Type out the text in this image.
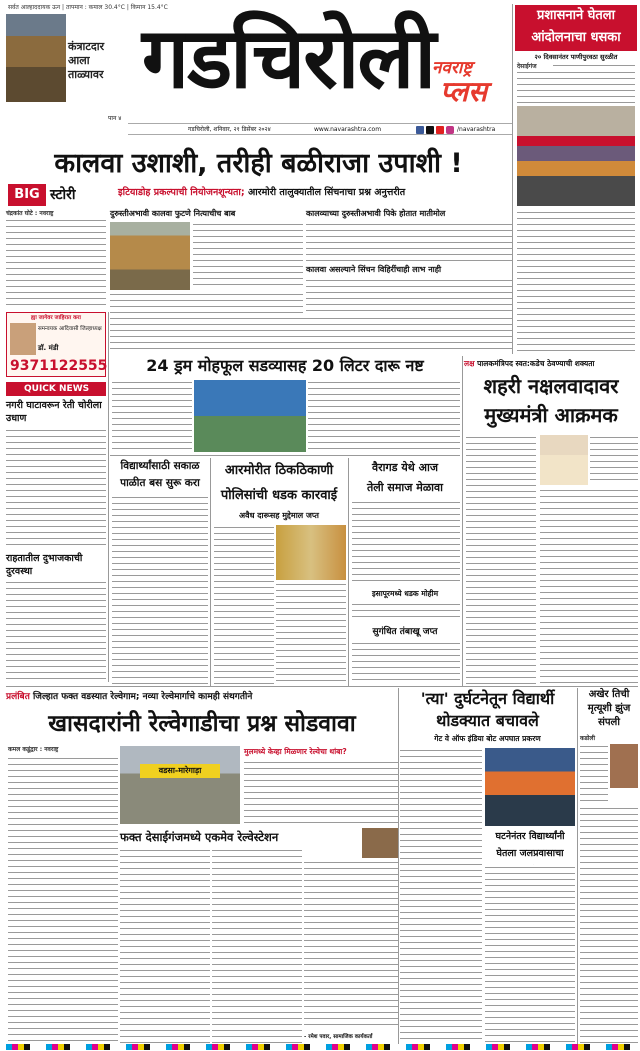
सर्वत आल्हाददायक ऊन | तापमान : कमाल 30.4°C | किमान 15.4°C
कंत्राटदार
आला
ताळ्यावर गडचिरोली
नवराष्ट्र
प्लस
पान ४
गडचिरोली, शनिवार, २१ डिसेंबर २०२४	www.navarashtra.com	/navarashtra
प्रशासनाने घेतला
आंदोलनाचा धसका
२० दिवसानंतर पाणीपुरवठा सुरळीत
देसाईगंज
कालवा उशाशी, तरीही बळीराजा उपाशी !
BIG स्टोरी	इटियाडोह प्रकल्पाची नियोजनशून्यता; आरमोरी तालुक्यातील सिंचनाचा प्रश्न अनुत्तरीत
चंद्रकांत घोटे : नवराष्ट्र	दुरुस्तीअभावी कालवा फुटणे नित्याचीच बाब	कालव्याच्या दुरुस्तीअभावी पिके होतात मातीमोल
कालवा असल्याने सिंचन विहिरींचाही लाभ नाही
ह्या जागेवर जाहिरात करा
समन्वयक आदिवासी जिल्हाध्यक्ष
डॉ. मंडी
9371122555
QUICK NEWS
नगरी घाटावरून रेती चोरीला उधाण
राहतातील दुभाजकाची दुरवस्था
24 ड्रम मोहफूल सडव्यासह 20 लिटर दारू नष्ट
विद्यार्थ्यांसाठी सकाळ
पाळीत बस सुरू करा
आरमोरीत ठिकठिकाणी
पोलिसांची धडक कारवाई
अवैध दारूसह मुद्देमाल जप्त
वैरागड येथे आज
तेली समाज मेळावा
इसापूरमध्ये धडक मोहीम
सुगंधित तंबाखू जप्त
लक्ष पालकमंत्रिपद स्वत:कडेच ठेवण्याची शक्यता
शहरी नक्षलवादावर
मुख्यमंत्री आक्रमक
'त्या' दुर्घटनेतून विद्यार्थी
थोडक्यात बचावले
गेट वे ऑफ इंडिया बोट अपघात प्रकरण
घटनेनंतर विद्यार्थ्यांनी
घेतला जलप्रवासाचा
अखेर तिची मृत्यूशी झुंज संपली
कडोली
प्रलंबित जिल्हात फक्त वडस्यात रेल्वेगाम; नव्या रेल्वेमार्गाचे कामही संथगतीने
खासदारांनी रेल्वेगाडीचा प्रश्न सोडवावा
कमल कडूंद्वार : नवराष्ट्र
वडसा-मारेगाड़ा
मुलमध्ये केव्हा मिळणार रेल्वेचा थांबा?
फक्त देसाईगंजमध्ये एकमेव रेल्वेस्टेशन
- रमेश पवार, सामाजिक कार्यकर्ता
